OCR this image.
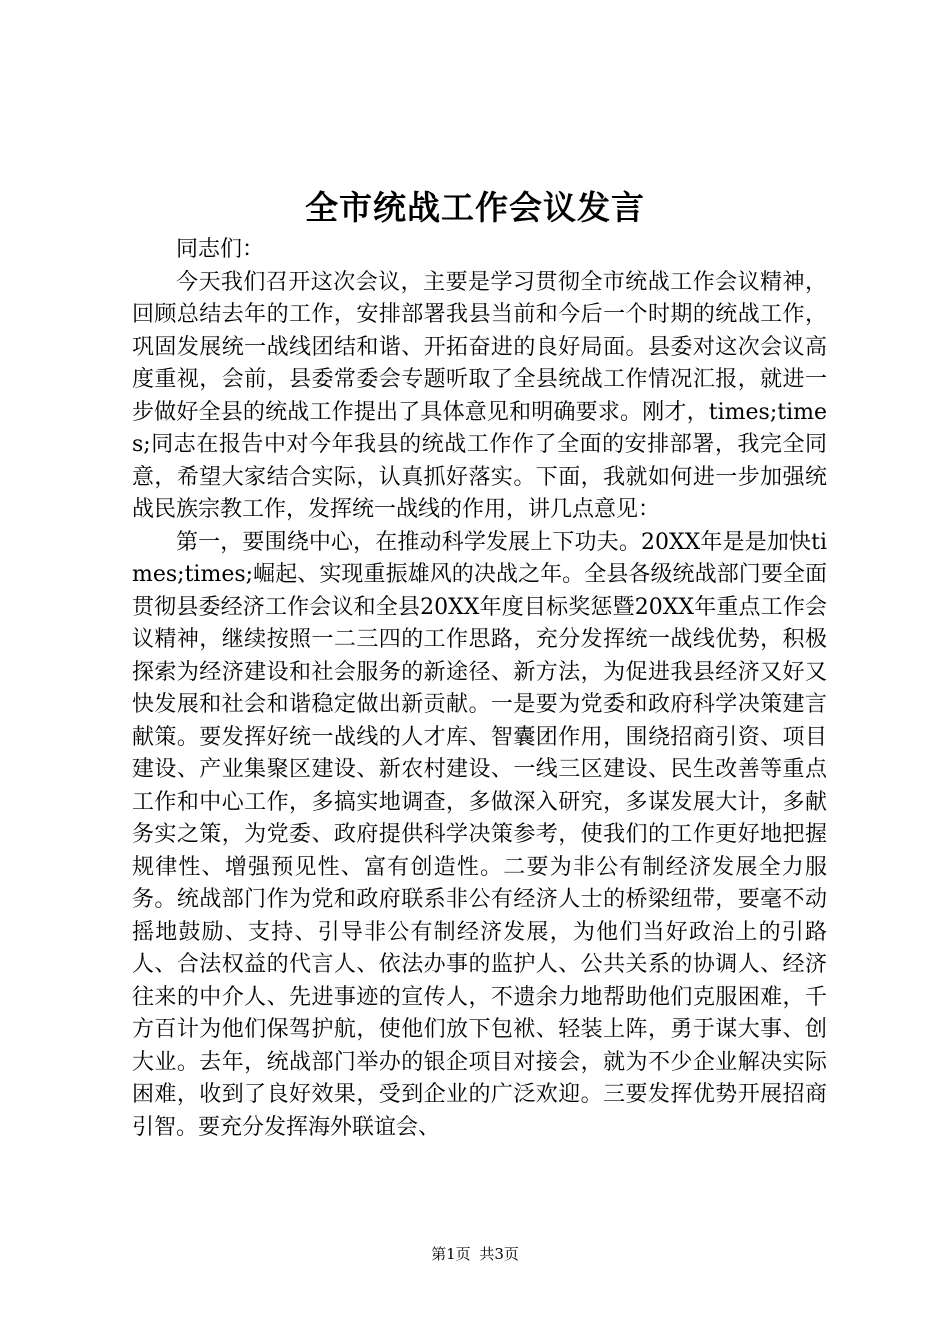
全市统战工作会议发言

同志们：

今天我们召开这次会议，主要是学习贯彻全市统战工作会议精神，回顾总结去年的工作，安排部署我县当前和今后一个时期的统战工作，巩固发展统一战线团结和谐、开拓奋进的良好局面。县委对这次会议高度重视，会前，县委常委会专题听取了全县统战工作情况汇报，就进一步做好全县的统战工作提出了具体意见和明确要求。刚才，times;times;同志在报告中对今年我县的统战工作作了全面的安排部署，我完全同意，希望大家结合实际，认真抓好落实。下面，我就如何进一步加强统战民族宗教工作，发挥统一战线的作用，讲几点意见：

第一，要围绕中心，在推动科学发展上下功夫。20XX年是是加快times;times;崛起、实现重振雄风的决战之年。全县各级统战部门要全面贯彻县委经济工作会议和全县20XX年度目标奖惩暨20XX年重点工作会议精神，继续按照一二三四的工作思路，充分发挥统一战线优势，积极探索为经济建设和社会服务的新途径、新方法，为促进我县经济又好又快发展和社会和谐稳定做出新贡献。一是要为党委和政府科学决策建言献策。要发挥好统一战线的人才库、智囊团作用，围绕招商引资、项目建设、产业集聚区建设、新农村建设、一线三区建设、民生改善等重点工作和中心工作，多搞实地调查，多做深入研究，多谋发展大计，多献务实之策，为党委、政府提供科学决策参考，使我们的工作更好地把握规律性、增强预见性、富有创造性。二要为非公有制经济发展全力服务。统战部门作为党和政府联系非公有经济人士的桥梁纽带，要毫不动摇地鼓励、支持、引导非公有制经济发展，为他们当好政治上的引路人、合法权益的代言人、依法办事的监护人、公共关系的协调人、经济往来的中介人、先进事迹的宣传人，不遗余力地帮助他们克服困难，千方百计为他们保驾护航，使他们放下包袱、轻装上阵，勇于谋大事、创大业。去年，统战部门举办的银企项目对接会，就为不少企业解决实际困难，收到了良好效果，受到企业的广泛欢迎。三要发挥优势开展招商引智。要充分发挥海外联谊会、

第1页 共3页
